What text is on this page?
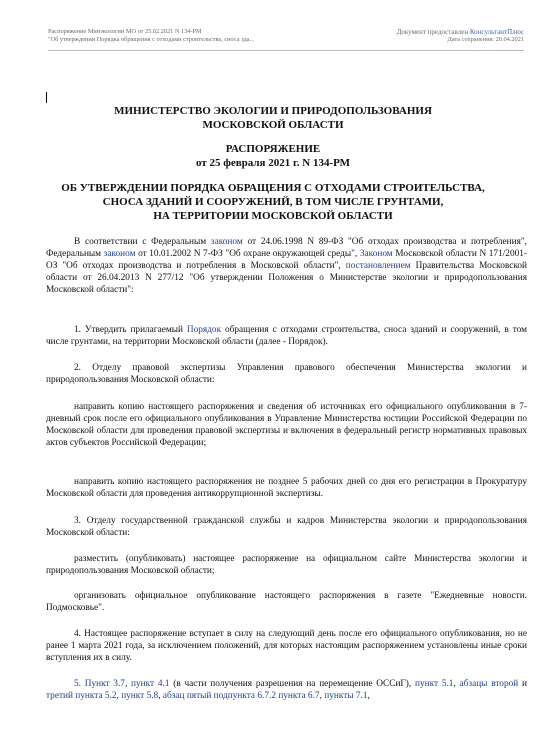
Распоряжение Минэкологии МО от 25.02.2021 N 134-РМ
"Об утверждении Порядка обращения с отходами строительства, сноса зда...
Документ предоставлен КонсультантПлюс
Дата сохранения: 20.04.2021
МИНИСТЕРСТВО ЭКОЛОГИИ И ПРИРОДОПОЛЬЗОВАНИЯ
МОСКОВСКОЙ ОБЛАСТИ
РАСПОРЯЖЕНИЕ
от 25 февраля 2021 г. N 134-РМ
ОБ УТВЕРЖДЕНИИ ПОРЯДКА ОБРАЩЕНИЯ С ОТХОДАМИ СТРОИТЕЛЬСТВА,
СНОСА ЗДАНИЙ И СООРУЖЕНИЙ, В ТОМ ЧИСЛЕ ГРУНТАМИ,
НА ТЕРРИТОРИИ МОСКОВСКОЙ ОБЛАСТИ

В соответствии с Федеральным законом от 24.06.1998 N 89-ФЗ "Об отходах производства и потребления", Федеральным законом от 10.01.2002 N 7-ФЗ "Об охране окружающей среды", Законом Московской области N 171/2001-ОЗ "Об отходах производства и потребления в Московской области", постановлением Правительства Московской области от 26.04.2013 N 277/12 "Об утверждении Положения о Министерстве экологии и природопользования Московской области":

1. Утвердить прилагаемый Порядок обращения с отходами строительства, сноса зданий и сооружений, в том числе грунтами, на территории Московской области (далее - Порядок).

2. Отделу правовой экспертизы Управления правового обеспечения Министерства экологии и природопользования Московской области:

направить копию настоящего распоряжения и сведения об источниках его официального опубликования в 7-дневный срок после его официального опубликования в Управление Министерства юстиции Российской Федерации по Московской области для проведения правовой экспертизы и включения в федеральный регистр нормативных правовых актов субъектов Российской Федерации;

направить копию настоящего распоряжения не позднее 5 рабочих дней со дня его регистрации в Прокуратуру Московской области для проведения антикоррупционной экспертизы.

3. Отделу государственной гражданской службы и кадров Министерства экологии и природопользования Московской области:

разместить (опубликовать) настоящее распоряжение на официальном сайте Министерства экологии и природопользования Московской области;

организовать официальное опубликование настоящего распоряжения в газете "Ежедневные новости. Подмосковье".

4. Настоящее распоряжение вступает в силу на следующий день после его официального опубликования, но не ранее 1 марта 2021 года, за исключением положений, для которых настоящим распоряжением установлены иные сроки вступления их в силу.

5. Пункт 3.7, пункт 4.1 (в части получения разрешения на перемещение ОССиГ), пункт 5.1, абзацы второй и третий пункта 5.2, пункт 5.8, абзац пятый подпункта 6.7.2 пункта 6.7, пункты 7.1,
